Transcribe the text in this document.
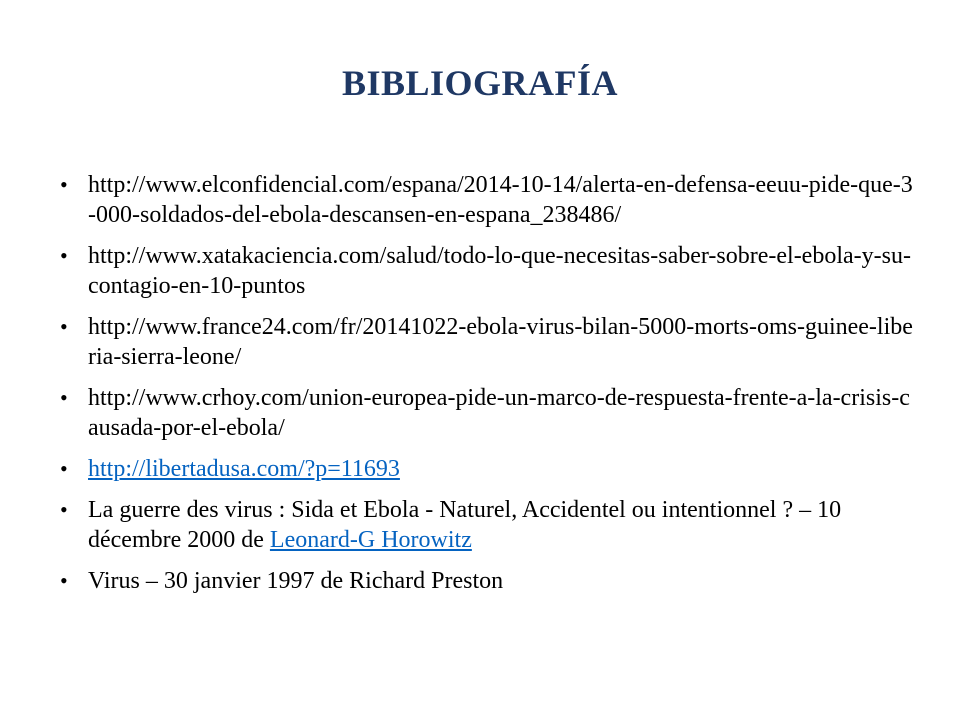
BIBLIOGRAFÍA
• http://www.elconfidencial.com/espana/2014-10-14/alerta-en-defensa-eeuu-pide-que-3-000-soldados-del-ebola-descansen-en-espana_238486/
• http://www.xatakaciencia.com/salud/todo-lo-que-necesitas-saber-sobre-el-ebola-y-su-contagio-en-10-puntos
• http://www.france24.com/fr/20141022-ebola-virus-bilan-5000-morts-oms-guinee-liberia-sierra-leone/
• http://www.crhoy.com/union-europea-pide-un-marco-de-respuesta-frente-a-la-crisis-causada-por-el-ebola/
• http://libertadusa.com/?p=11693
• La guerre des virus : Sida et Ebola - Naturel, Accidentel ou intentionnel ? – 10 décembre 2000 de Leonard-G Horowitz
• Virus – 30 janvier 1997 de Richard Preston
